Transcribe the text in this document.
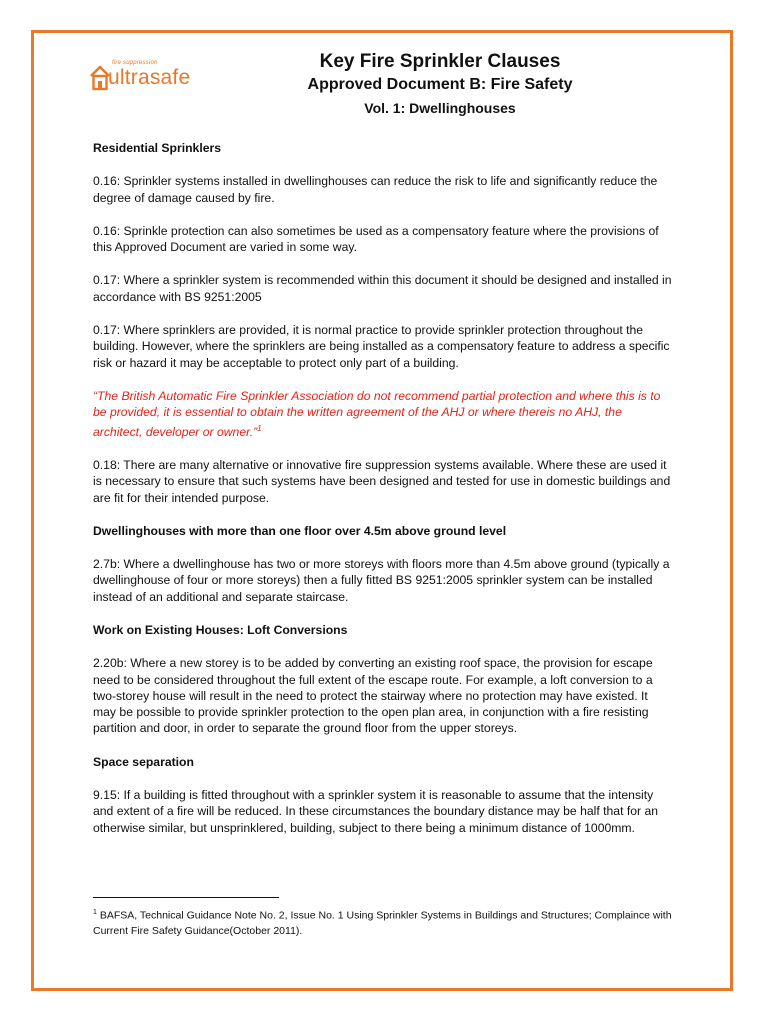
fire suppression
ultrasafe

Key Fire Sprinkler Clauses

Approved Document B: Fire Safety

Vol. 1: Dwellinghouses

Residential Sprinklers

0.16: Sprinkler systems installed in dwellinghouses can reduce the risk to life and significantly reduce the degree of damage caused by fire.

0.16: Sprinkle protection can also sometimes be used as a compensatory feature where the provisions of this Approved Document are varied in some way.

0.17: Where a sprinkler system is recommended within this document it should be designed and installed in accordance with BS 9251:2005

0.17: Where sprinklers are provided, it is normal practice to provide sprinkler protection throughout the building. However, where the sprinklers are being installed as a compensatory feature to address a specific risk or hazard it may be acceptable to protect only part of a building.

“The British Automatic Fire Sprinkler Association do not recommend partial protection and where this is to be provided, it is essential to obtain the written agreement of the AHJ or where thereis no AHJ, the architect, developer or owner.”$^1$

0.18: There are many alternative or innovative fire suppression systems available. Where these are used it is necessary to ensure that such systems have been designed and tested for use in domestic buildings and are fit for their intended purpose.

Dwellinghouses with more than one floor over 4.5m above ground level

2.7b: Where a dwellinghouse has two or more storeys with floors more than 4.5m above ground (typically a dwellinghouse of four or more storeys) then a fully fitted BS 9251:2005 sprinkler system can be installed instead of an additional and separate staircase.

Work on Existing Houses: Loft Conversions

2.20b: Where a new storey is to be added by converting an existing roof space, the provision for escape need to be considered throughout the full extent of the escape route. For example, a loft conversion to a two-storey house will result in the need to protect the stairway where no protection may have existed. It may be possible to provide sprinkler protection to the open plan area, in conjunction with a fire resisting partition and door, in order to separate the ground floor from the upper storeys.

Space separation

9.15: If a building is fitted throughout with a sprinkler system it is reasonable to assume that the intensity and extent of a fire will be reduced. In these circumstances the boundary distance may be half that for an otherwise similar, but unsprinklered, building, subject to there being a minimum distance of 1000mm.

$^1$ BAFSA, Technical Guidance Note No. 2, Issue No. 1 Using Sprinkler Systems in Buildings and Structures; Complaince with Current Fire Safety Guidance(October 2011).
